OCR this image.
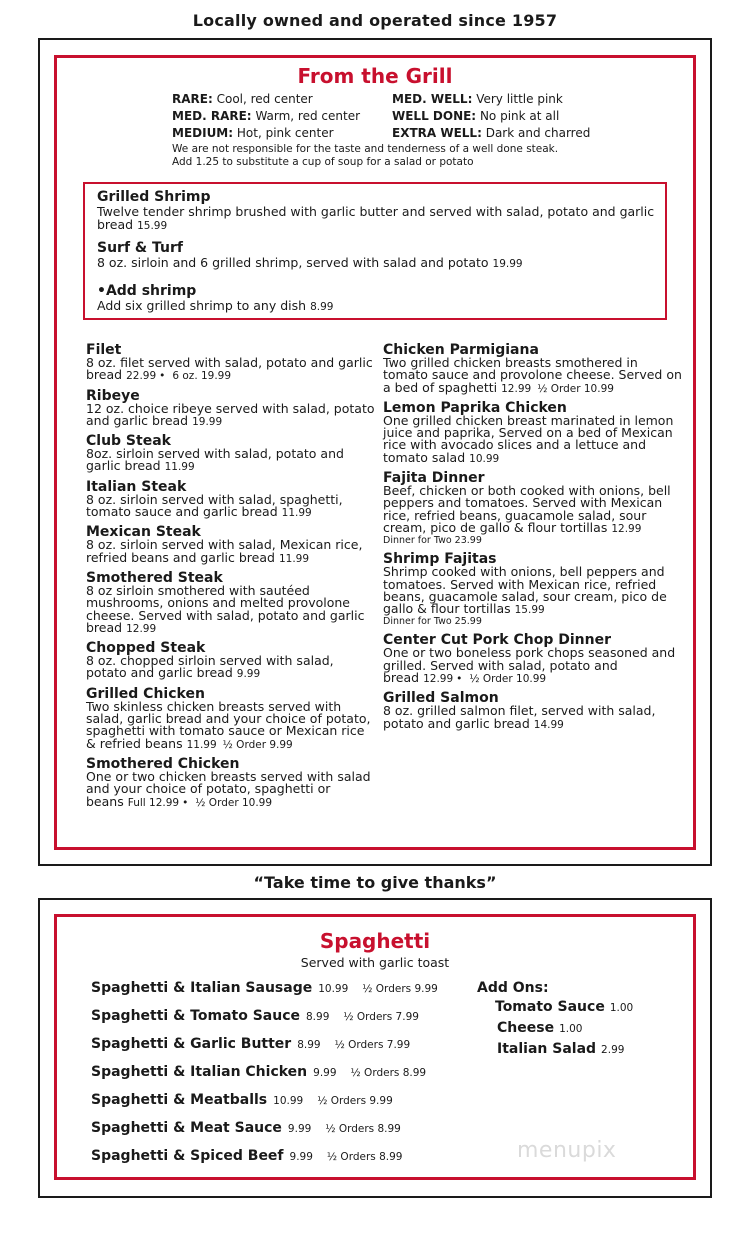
Locally owned and operated since 1957
From the Grill
RARE: Cool, red center	MED. WELL: Very little pink
MED. RARE: Warm, red center	WELL DONE: No pink at all
MEDIUM: Hot, pink center	EXTRA WELL: Dark and charred
We are not responsible for the taste and tenderness of a well done steak.
Add 1.25 to substitute a cup of soup for a salad or potato
Grilled Shrimp
Twelve tender shrimp brushed with garlic butter and served with salad, potato and garlic bread 15.99
Surf & Turf
8 oz. sirloin and 6 grilled shrimp, served with salad and potato 19.99
•Add shrimp
Add six grilled shrimp to any dish 8.99
Filet
8 oz. filet served with salad, potato and garlic bread 22.99 • 6 oz. 19.99
Ribeye
12 oz. choice ribeye served with salad, potato and garlic bread 19.99
Club Steak
8oz. sirloin served with salad, potato and garlic bread 11.99
Italian Steak
8 oz. sirloin served with salad, spaghetti, tomato sauce and garlic bread 11.99
Mexican Steak
8 oz. sirloin served with salad, Mexican rice, refried beans and garlic bread 11.99
Smothered Steak
8 oz sirloin smothered with sautéed mushrooms, onions and melted provolone cheese. Served with salad, potato and garlic bread 12.99
Chopped Steak
8 oz. chopped sirloin served with salad, potato and garlic bread 9.99
Grilled Chicken
Two skinless chicken breasts served with salad, garlic bread and your choice of potato, spaghetti with tomato sauce or Mexican rice & refried beans 11.99 ½ Order 9.99
Smothered Chicken
One or two chicken breasts served with salad and your choice of potato, spaghetti or beans Full 12.99 • ½ Order 10.99
Chicken Parmigiana
Two grilled chicken breasts smothered in tomato sauce and provolone cheese. Served on a bed of spaghetti 12.99 ½ Order 10.99
Lemon Paprika Chicken
One grilled chicken breast marinated in lemon juice and paprika, Served on a bed of Mexican rice with avocado slices and a lettuce and tomato salad 10.99
Fajita Dinner
Beef, chicken or both cooked with onions, bell peppers and tomatoes. Served with Mexican rice, refried beans, guacamole salad, sour cream, pico de gallo & flour tortillas 12.99
Dinner for Two 23.99
Shrimp Fajitas
Shrimp cooked with onions, bell peppers and tomatoes. Served with Mexican rice, refried beans, guacamole salad, sour cream, pico de gallo & flour tortillas 15.99
Dinner for Two 25.99
Center Cut Pork Chop Dinner
One or two boneless pork chops seasoned and grilled. Served with salad, potato and bread 12.99 • ½ Order 10.99
Grilled Salmon
8 oz. grilled salmon filet, served with salad, potato and garlic bread 14.99
“Take time to give thanks”
Spaghetti
Served with garlic toast
Spaghetti & Italian Sausage 10.99 ½ Orders 9.99
Spaghetti & Tomato Sauce 8.99 ½ Orders 7.99
Spaghetti & Garlic Butter 8.99 ½ Orders 7.99
Spaghetti & Italian Chicken 9.99 ½ Orders 8.99
Spaghetti & Meatballs 10.99 ½ Orders 9.99
Spaghetti & Meat Sauce 9.99 ½ Orders 8.99
Spaghetti & Spiced Beef 9.99 ½ Orders 8.99
Add Ons:
Tomato Sauce 1.00
Cheese 1.00
Italian Salad 2.99
menupix
